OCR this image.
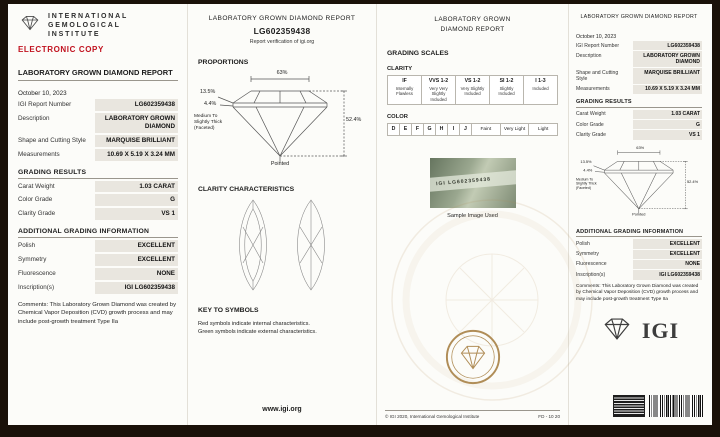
INTERNATIONAL
GEMOLOGICAL
INSTITUTE
ELECTRONIC COPY
LABORATORY GROWN DIAMOND REPORT
October 10, 2023
IGI Report Number	LG602359438
Description	LABORATORY GROWN DIAMOND
Shape and Cutting Style	MARQUISE BRILLIANT
Measurements	10.69 X 5.19 X 3.24 MM
GRADING RESULTS
Carat Weight	1.03 CARAT
Color Grade	G
Clarity Grade	VS 1
ADDITIONAL GRADING INFORMATION
Polish	EXCELLENT
Symmetry	EXCELLENT
Fluorescence	NONE
Inscription(s)	IGI LG602359438
Comments: This Laboratory Grown Diamond was created by Chemical Vapor Deposition (CVD) growth process and may include post-growth treatment Type IIa
LABORATORY GROWN DIAMOND REPORT
LG602359438
Report verification of igi.org
PROPORTIONS
63%
13.5%
4.4%
52.4%
Medium To Slightly Thick (Faceted)
Pointed
CLARITY CHARACTERISTICS
KEY TO SYMBOLS
Red symbols indicate internal characteristics.
Green symbols indicate external characteristics.
www.igi.org
LABORATORY GROWN
DIAMOND REPORT
GRADING SCALES
CLARITY
IF
Internally Flawless
VVS 1-2
Very Very Slightly Included
VS 1-2
Very Slightly Included
SI 1-2
Slightly Included
I 1-3
Included
COLOR
D	E	F	G	H	I	J	Faint	Very Light	Light
IGI LG602359438
Sample Image Used
© IGI 2020, International Gemological Institute	FD - 10 20
LABORATORY GROWN DIAMOND REPORT
October 10, 2023
IGI Report Number	LG602359438
Description	LABORATORY GROWN DIAMOND
Shape and Cutting Style
MARQUISE BRILLIANT
Measurements	10.69 X 5.19 X 3.24 MM
GRADING RESULTS
Carat Weight	1.03 CARAT
Color Grade	G
Clarity Grade	VS 1
63%
13.5%
4.4%
52.4%
Medium To Slightly Thick (Faceted)
Pointed
ADDITIONAL GRADING INFORMATION
Polish	EXCELLENT
Symmetry	EXCELLENT
Fluorescence	NONE
Inscription(s)	IGI LG602359438
Comments: This Laboratory Grown Diamond was created by Chemical Vapor Deposition (CVD) growth process and may include post-growth treatment Type IIa
IGI
